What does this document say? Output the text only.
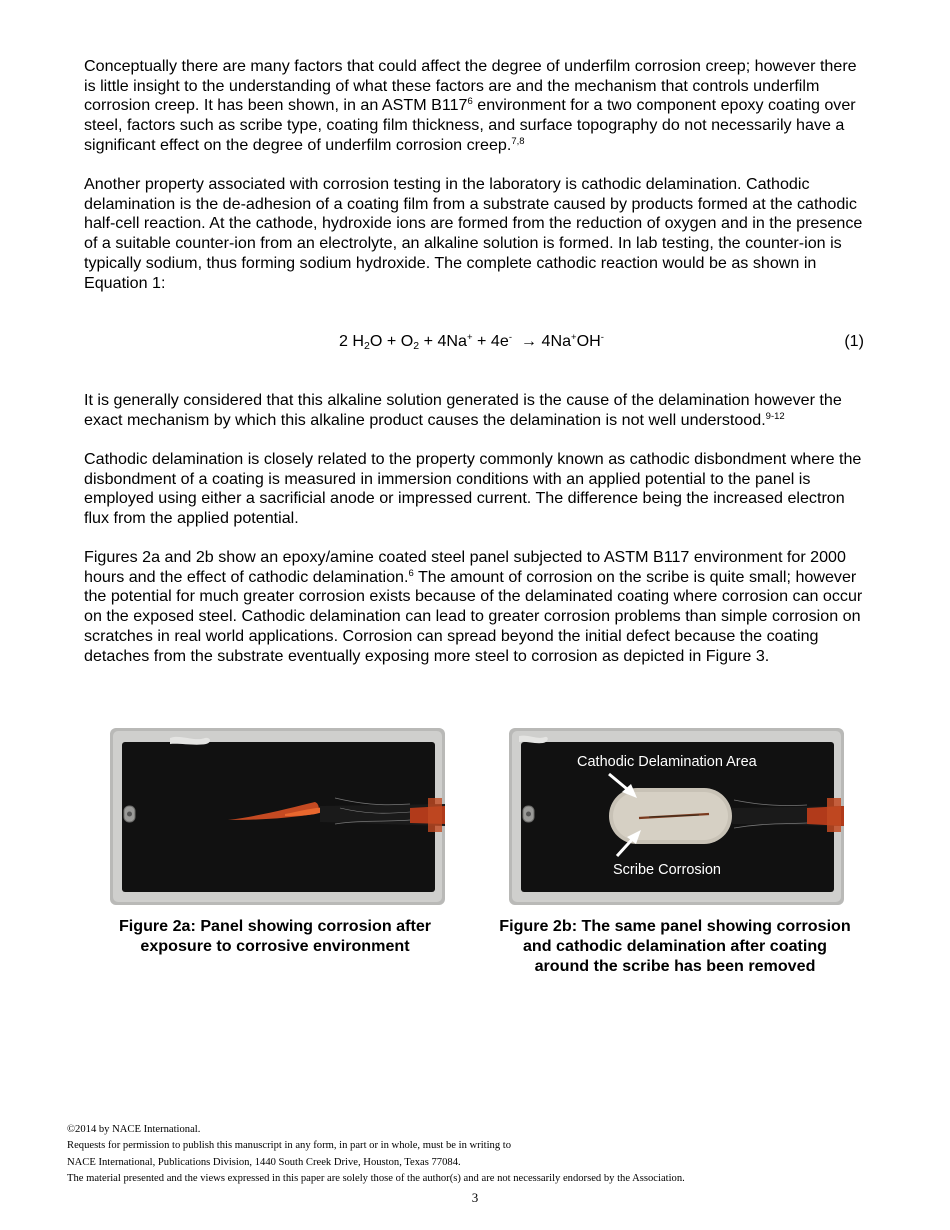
Conceptually there are many factors that could affect the degree of underfilm corrosion creep; however there is little insight to the understanding of what these factors are and the mechanism that controls underfilm corrosion creep. It has been shown, in an ASTM $B117^6$ environment for a two component epoxy coating over steel, factors such as scribe type, coating film thickness, and surface topography do not necessarily have a significant effect on the degree of underfilm corrosion creep.$^{7,8}$

Another property associated with corrosion testing in the laboratory is cathodic delamination. Cathodic delamination is the de-adhesion of a coating film from a substrate caused by products formed at the cathodic half-cell reaction. At the cathode, hydroxide ions are formed from the reduction of oxygen and in the presence of a suitable counter-ion from an electrolyte, an alkaline solution is formed. In lab testing, the counter-ion is typically sodium, thus forming sodium hydroxide. The complete cathodic reaction would be as shown in Equation 1:

2 $H_2O + O_2 + 4Na^+ + 4e^- \to 4Na^+OH^-$	(1)

It is generally considered that this alkaline solution generated is the cause of the delamination however the exact mechanism by which this alkaline product causes the delamination is not well understood.$^{9-12}$

Cathodic delamination is closely related to the property commonly known as cathodic disbondment where the disbondment of a coating is measured in immersion conditions with an applied potential to the panel is employed using either a sacrificial anode or impressed current. The difference being the increased electron flux from the applied potential.

Figures 2a and 2b show an epoxy/amine coated steel panel subjected to ASTM B117 environment for 2000 hours and the effect of cathodic delamination.$^6$ The amount of corrosion on the scribe is quite small; however the potential for much greater corrosion exists because of the delaminated coating where corrosion can occur on the exposed steel. Cathodic delamination can lead to greater corrosion problems than simple corrosion on scratches in real world applications. Corrosion can spread beyond the initial defect because the coating detaches from the substrate eventually exposing more steel to corrosion as depicted in Figure 3.

Figure 2a: Panel showing corrosion after
exposure to corrosive environment
Cathodic Delamination Area
Scribe Corrosion
Figure 2b: The same panel showing corrosion
and cathodic delamination after coating
around the scribe has been removed
©2014 by NACE International.
Requests for permission to publish this manuscript in any form, in part or in whole, must be in writing to
NACE International, Publications Division, 1440 South Creek Drive, Houston, Texas 77084.
The material presented and the views expressed in this paper are solely those of the author(s) and are not necessarily endorsed by the Association.
3
